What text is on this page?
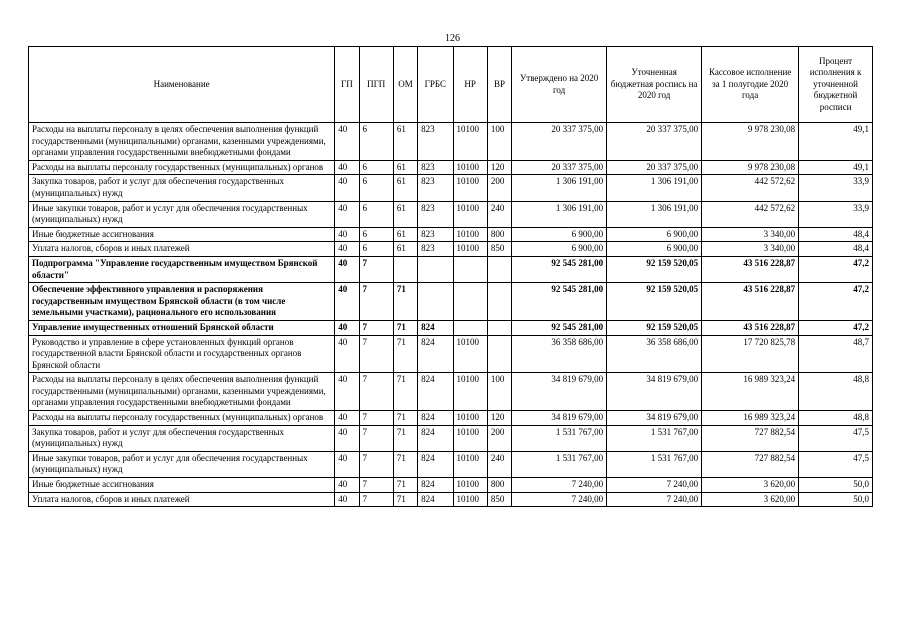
126
Наименование	ГП	ПГП	ОМ	ГРБС	НР	ВР	Утверждено на 2020 год	Уточненная бюджетная роспись на 2020 год	Кассовое исполнение за 1 полугодие 2020 года	Процент исполнения к уточненной бюджетной росписи
Расходы на выплаты персоналу в целях обеспечения выполнения функций государственными (муниципальными) органами, казенными учреждениями, органами управления государственными внебюджетными фондами	40	6	61	823	10100	100	20 337 375,00	20 337 375,00	9 978 230,08	49,1
Расходы на выплаты персоналу государственных (муниципальных) органов	40	6	61	823	10100	120	20 337 375,00	20 337 375,00	9 978 230,08	49,1
Закупка товаров, работ и услуг для обеспечения государственных (муниципальных) нужд	40	6	61	823	10100	200	1 306 191,00	1 306 191,00	442 572,62	33,9
Иные закупки товаров, работ и услуг для обеспечения государственных (муниципальных) нужд	40	6	61	823	10100	240	1 306 191,00	1 306 191,00	442 572,62	33,9
Иные бюджетные ассигнования	40	6	61	823	10100	800	6 900,00	6 900,00	3 340,00	48,4
Уплата налогов, сборов и иных платежей	40	6	61	823	10100	850	6 900,00	6 900,00	3 340,00	48,4
Подпрограмма "Управление государственным имуществом Брянской области"	40	7					92 545 281,00	92 159 520,05	43 516 228,87	47,2
Обеспечение эффективного управления и распоряжения государственным имуществом Брянской области (в том числе земельными участками), рационального его использования	40	7	71				92 545 281,00	92 159 520,05	43 516 228,87	47,2
Управление имущественных отношений Брянской области	40	7	71	824			92 545 281,00	92 159 520,05	43 516 228,87	47,2
Руководство и управление в сфере установленных функций органов государственной власти Брянской области и государственных органов Брянской области	40	7	71	824	10100		36 358 686,00	36 358 686,00	17 720 825,78	48,7
Расходы на выплаты персоналу в целях обеспечения выполнения функций государственными (муниципальными) органами, казенными учреждениями, органами управления государственными внебюджетными фондами	40	7	71	824	10100	100	34 819 679,00	34 819 679,00	16 989 323,24	48,8
Расходы на выплаты персоналу государственных (муниципальных) органов	40	7	71	824	10100	120	34 819 679,00	34 819 679,00	16 989 323,24	48,8
Закупка товаров, работ и услуг для обеспечения государственных (муниципальных) нужд	40	7	71	824	10100	200	1 531 767,00	1 531 767,00	727 882,54	47,5
Иные закупки товаров, работ и услуг для обеспечения государственных (муниципальных) нужд	40	7	71	824	10100	240	1 531 767,00	1 531 767,00	727 882,54	47,5
Иные бюджетные ассигнования	40	7	71	824	10100	800	7 240,00	7 240,00	3 620,00	50,0
Уплата налогов, сборов и иных платежей	40	7	71	824	10100	850	7 240,00	7 240,00	3 620,00	50,0
